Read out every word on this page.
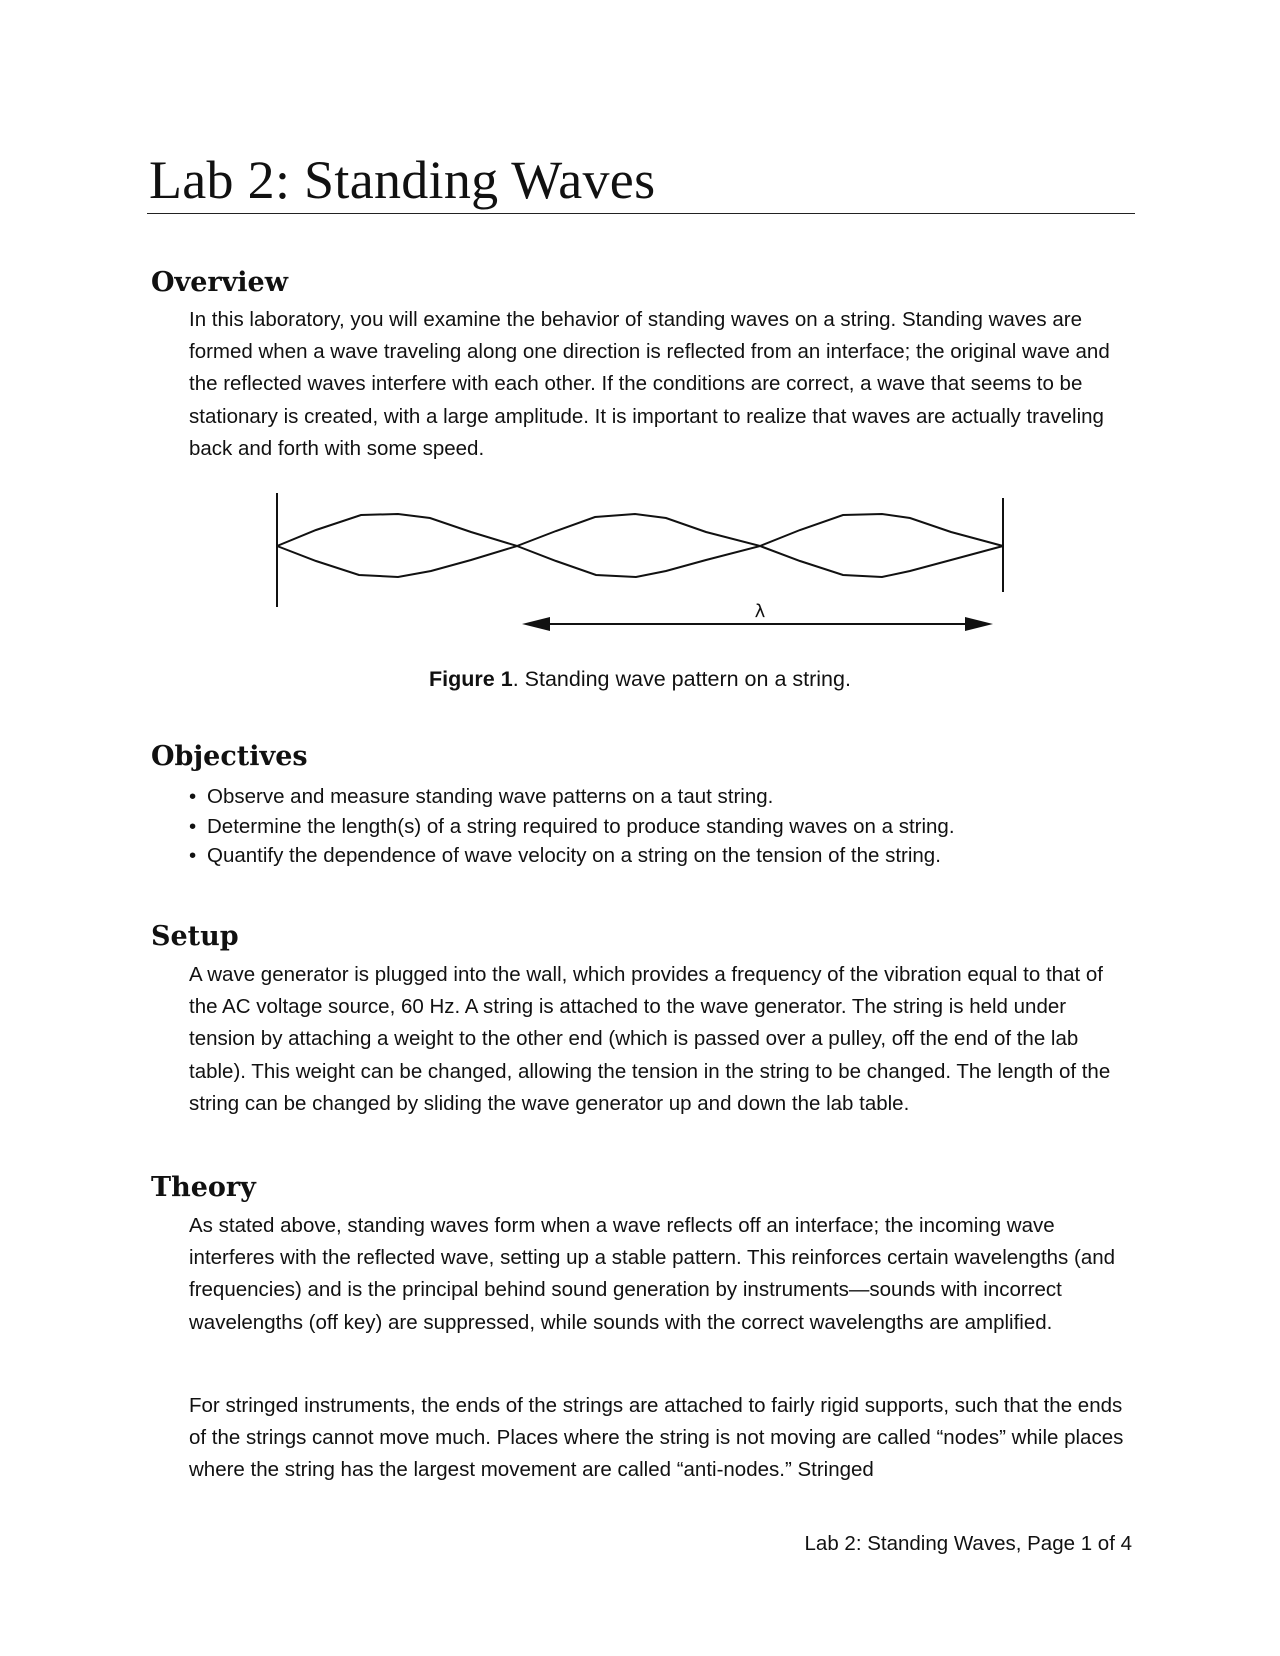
Lab 2: Standing Waves
Overview

In this laboratory, you will examine the behavior of standing waves on a string. Standing waves are formed when a wave traveling along one direction is reflected from an interface; the original wave and the reflected waves interfere with each other. If the conditions are correct, a wave that seems to be stationary is created, with a large amplitude. It is important to realize that waves are actually traveling back and forth with some speed.

λ

Figure 1. Standing wave pattern on a string.

Objectives
• Observe and measure standing wave patterns on a taut string.
• Determine the length(s) of a string required to produce standing waves on a string.
• Quantify the dependence of wave velocity on a string on the tension of the string.
Setup

A wave generator is plugged into the wall, which provides a frequency of the vibration equal to that of the AC voltage source, 60 Hz. A string is attached to the wave generator. The string is held under tension by attaching a weight to the other end (which is passed over a pulley, off the end of the lab table). This weight can be changed, allowing the tension in the string to be changed. The length of the string can be changed by sliding the wave generator up and down the lab table.

Theory

As stated above, standing waves form when a wave reflects off an interface; the incoming wave interferes with the reflected wave, setting up a stable pattern. This reinforces certain wavelengths (and frequencies) and is the principal behind sound generation by instruments—sounds with incorrect wavelengths (off key) are suppressed, while sounds with the correct wavelengths are amplified.

For stringed instruments, the ends of the strings are attached to fairly rigid supports, such that the ends of the strings cannot move much. Places where the string is not moving are called “nodes” while places where the string has the largest movement are called “anti-nodes.” Stringed

Lab 2: Standing Waves, Page 1 of 4
